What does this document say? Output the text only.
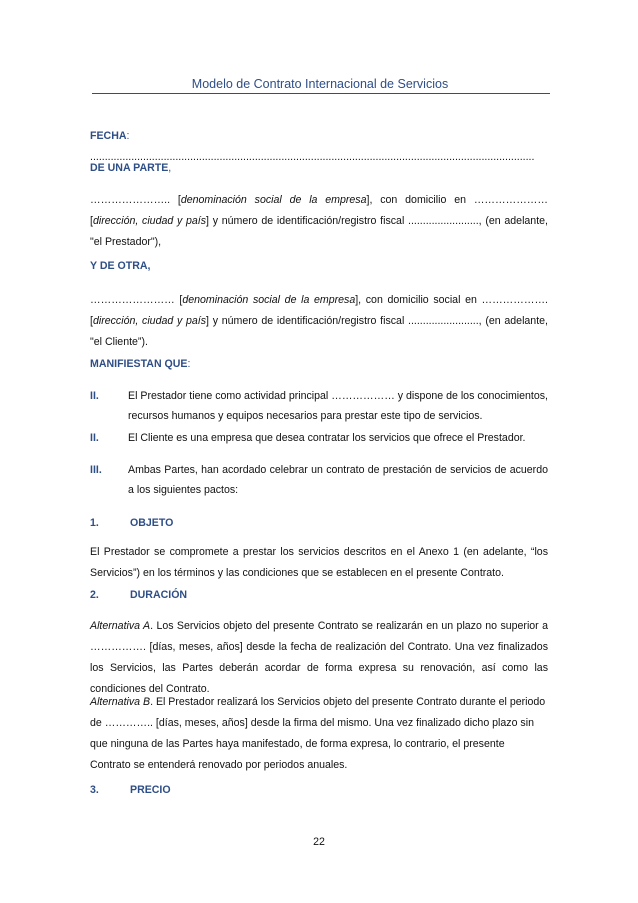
Modelo de Contrato Internacional de Servicios
FECHA: .......................................................................................................................................................
DE UNA PARTE,
………………….. [denominación social de la empresa], con domicilio en ………………… [dirección, ciudad y país] y número de identificación/registro fiscal ........................, (en adelante, "el Prestador"),
Y DE OTRA,
…………………… [denominación social de la empresa], con domicilio social en ………………. [dirección, ciudad y país] y número de identificación/registro fiscal ........................, (en adelante, "el Cliente”).
MANIFIESTAN QUE:
II.	El Prestador tiene como actividad principal ……………… y dispone de los conocimientos, recursos humanos y equipos necesarios para prestar este tipo de servicios.
II.	El Cliente es una empresa que desea contratar los servicios que ofrece el Prestador.
III. Ambas Partes, han acordado celebrar un contrato de prestación de servicios de acuerdo a los siguientes pactos:
1.	OBJETO
El Prestador se compromete a prestar los servicios descritos en el Anexo 1 (en adelante, “los Servicios”) en los términos y las condiciones que se establecen en el presente Contrato.
2.	DURACIÓN
Alternativa A. Los Servicios objeto del presente Contrato se realizarán en un plazo no superior a ……………. [días, meses, años] desde la fecha de realización del Contrato. Una vez finalizados los Servicios, las Partes deberán acordar de forma expresa su renovación, así como las condiciones del Contrato.
Alternativa B. El Prestador realizará los Servicios objeto del presente Contrato durante el periodo de ………….. [días, meses, años] desde la firma del mismo. Una vez finalizado dicho plazo sin que ninguna de las Partes haya manifestado, de forma expresa, lo contrario, el presente Contrato se entenderá renovado por periodos anuales.
3.	PRECIO
22
